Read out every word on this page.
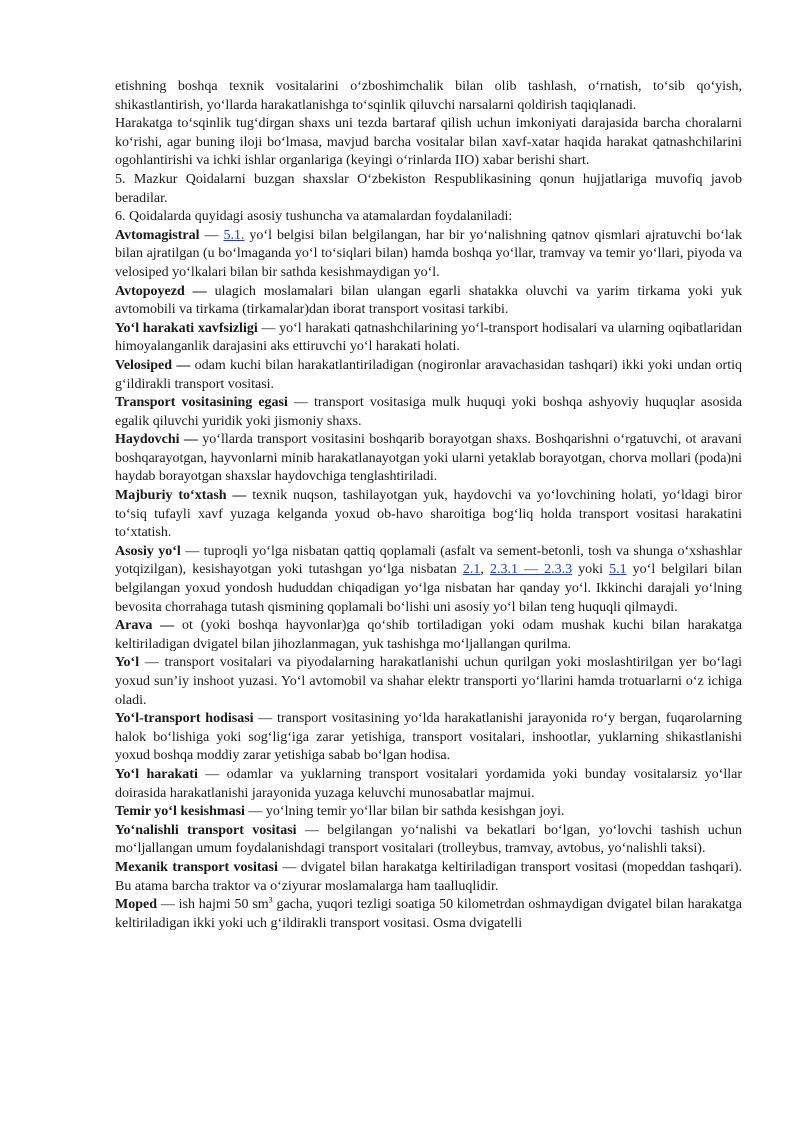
etishning boshqa texnik vositalarini o‘zboshimchalik bilan olib tashlash, o‘rnatish, to‘sib qo‘yish, shikastlantirish, yo‘llarda harakatlanishga to‘sqinlik qiluvchi narsalarni qoldirish taqiqlanadi.

Harakatga to‘sqinlik tug‘dirgan shaxs uni tezda bartaraf qilish uchun imkoniyati darajasida barcha choralarni ko‘rishi, agar buning iloji bo‘lmasa, mavjud barcha vositalar bilan xavf-xatar haqida harakat qatnashchilarini ogohlantirishi va ichki ishlar organlariga (keyingi o‘rinlarda IIO) xabar berishi shart.

5. Mazkur Qoidalarni buzgan shaxslar O‘zbekiston Respublikasining qonun hujjatlariga muvofiq javob beradilar.

6. Qoidalarda quyidagi asosiy tushuncha va atamalardan foydalaniladi:

Avtomagistral — 5.1. yo‘l belgisi bilan belgilangan, har bir yo‘nalishning qatnov qismlari ajratuvchi bo‘lak bilan ajratilgan (u bo‘lmaganda yo‘l to‘siqlari bilan) hamda boshqa yo‘llar, tramvay va temir yo‘llari, piyoda va velosiped yo‘lkalari bilan bir sathda kesishmaydigan yo‘l.

Avtopoyezd — ulagich moslamalari bilan ulangan egarli shatakka oluvchi va yarim tirkama yoki yuk avtomobili va tirkama (tirkamalar)dan iborat transport vositasi tarkibi.

Yo‘l harakati xavfsizligi — yo‘l harakati qatnashchilarining yo‘l-transport hodisalari va ularning oqibatlaridan himoyalanganlik darajasini aks ettiruvchi yo‘l harakati holati.

Velosiped — odam kuchi bilan harakatlantiriladigan (nogironlar aravachasidan tashqari) ikki yoki undan ortiq g‘ildirakli transport vositasi.

Transport vositasining egasi — transport vositasiga mulk huquqi yoki boshqa ashyoviy huquqlar asosida egalik qiluvchi yuridik yoki jismoniy shaxs.

Haydovchi — yo‘llarda transport vositasini boshqarib borayotgan shaxs. Boshqarishni o‘rgatuvchi, ot aravani boshqarayotgan, hayvonlarni minib harakatlanayotgan yoki ularni yetaklab borayotgan, chorva mollari (poda)ni haydab borayotgan shaxslar haydovchiga tenglashtiriladi.

Majburiy to‘xtash — texnik nuqson, tashilayotgan yuk, haydovchi va yo‘lovchining holati, yo‘ldagi biror to‘siq tufayli xavf yuzaga kelganda yoxud ob-havo sharoitiga bog‘liq holda transport vositasi harakatini to‘xtatish.

Asosiy yo‘l — tuproqli yo‘lga nisbatan qattiq qoplamali (asfalt va sement-betonli, tosh va shunga o‘xshashlar yotqizilgan), kesishayotgan yoki tutashgan yo‘lga nisbatan 2.1, 2.3.1 — 2.3.3 yoki 5.1 yo‘l belgilari bilan belgilangan yoxud yondosh hududdan chiqadigan yo‘lga nisbatan har qanday yo‘l. Ikkinchi darajali yo‘lning bevosita chorrahaga tutash qismining qoplamali bo‘lishi uni asosiy yo‘l bilan teng huquqli qilmaydi.

Arava — ot (yoki boshqa hayvonlar)ga qo‘shib tortiladigan yoki odam mushak kuchi bilan harakatga keltiriladigan dvigatel bilan jihozlanmagan, yuk tashishga mo‘ljallangan qurilma.

Yo‘l — transport vositalari va piyodalarning harakatlanishi uchun qurilgan yoki moslashtirilgan yer bo‘lagi yoxud sun’iy inshoot yuzasi. Yo‘l avtomobil va shahar elektr transporti yo‘llarini hamda trotuarlarni o‘z ichiga oladi.

Yo‘l-transport hodisasi — transport vositasining yo‘lda harakatlanishi jarayonida ro‘y bergan, fuqarolarning halok bo‘lishiga yoki sog‘lig‘iga zarar yetishiga, transport vositalari, inshootlar, yuklarning shikastlanishi yoxud boshqa moddiy zarar yetishiga sabab bo‘lgan hodisa.

Yo‘l harakati — odamlar va yuklarning transport vositalari yordamida yoki bunday vositalarsiz yo‘llar doirasida harakatlanishi jarayonida yuzaga keluvchi munosabatlar majmui.

Temir yo‘l kesishmasi — yo‘lning temir yo‘llar bilan bir sathda kesishgan joyi.

Yo‘nalishli transport vositasi — belgilangan yo‘nalishi va bekatlari bo‘lgan, yo‘lovchi tashish uchun mo‘ljallangan umum foydalanishdagi transport vositalari (trolleybus, tramvay, avtobus, yo‘nalishli taksi).

Mexanik transport vositasi — dvigatel bilan harakatga keltiriladigan transport vositasi (mopeddan tashqari). Bu atama barcha traktor va o‘ziyurar moslamalarga ham taalluqlidir.

Moped — ish hajmi 50 $sm^3$ gacha, yuqori tezligi soatiga 50 kilometrdan oshmaydigan dvigatel bilan harakatga keltiriladigan ikki yoki uch g‘ildirakli transport vositasi. Osma dvigatelli
